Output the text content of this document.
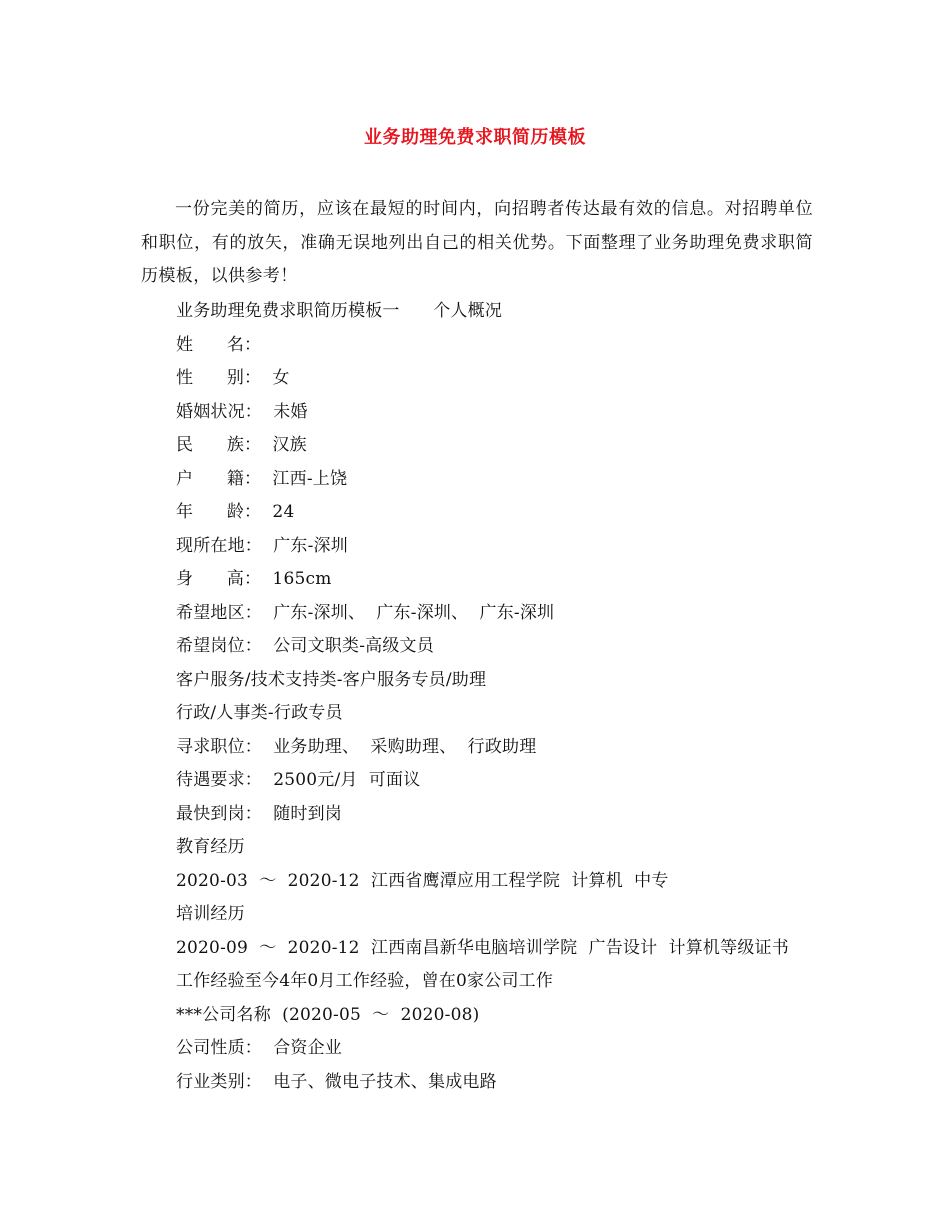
业务助理免费求职简历模板
一份完美的简历，应该在最短的时间内，向招聘者传达最有效的信息。对招聘单位和职位，有的放矢，准确无误地列出自己的相关优势。下面整理了业务助理免费求职简历模板，以供参考！
业务助理免费求职简历模板一      个人概况
姓      名：
性      别：  女
婚姻状况：  未婚
民      族：  汉族
户      籍：  江西-上饶
年      龄：  24
现所在地：  广东-深圳
身      高：  165cm
希望地区：  广东-深圳、  广东-深圳、  广东-深圳
希望岗位：  公司文职类-高级文员
客户服务/技术支持类-客户服务专员/助理
行政/人事类-行政专员
寻求职位：  业务助理、  采购助理、  行政助理
待遇要求：  2500元/月  可面议
最快到岗：  随时到岗
教育经历
2020-03  ～  2020-12  江西省鹰潭应用工程学院  计算机  中专
培训经历
2020-09  ～  2020-12  江西南昌新华电脑培训学院  广告设计  计算机等级证书
工作经验至今4年0月工作经验，曾在0家公司工作
***公司名称  (2020-05  ～  2020-08)
公司性质：  合资企业
行业类别：  电子、微电子技术、集成电路
